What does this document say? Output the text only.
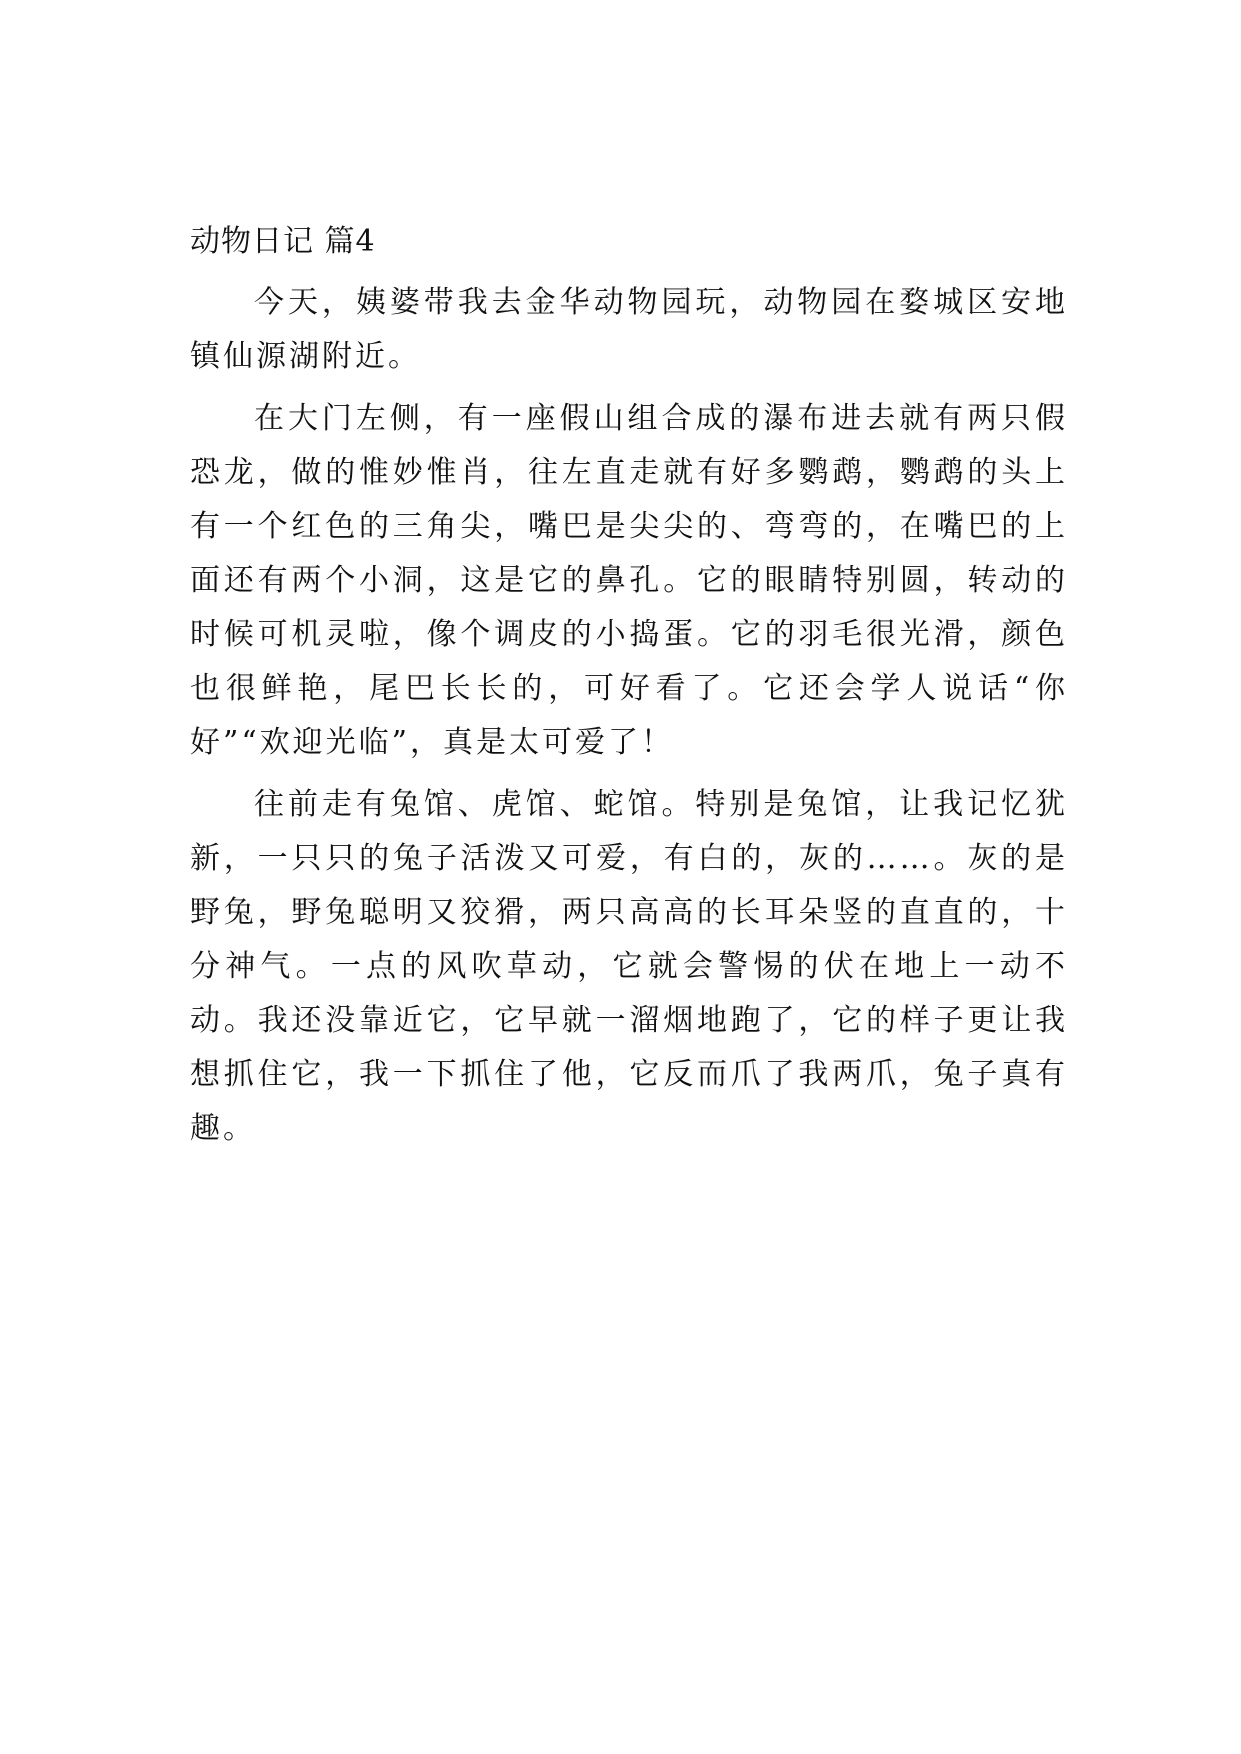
动物日记 篇4

今天，姨婆带我去金华动物园玩，动物园在婺城区安地镇仙源湖附近。

在大门左侧，有一座假山组合成的瀑布进去就有两只假恐龙，做的惟妙惟肖，往左直走就有好多鹦鹉，鹦鹉的头上有一个红色的三角尖，嘴巴是尖尖的、弯弯的，在嘴巴的上面还有两个小洞，这是它的鼻孔。它的眼睛特别圆，转动的时候可机灵啦，像个调皮的小捣蛋。它的羽毛很光滑，颜色也很鲜艳，尾巴长长的，可好看了。它还会学人说话“你好”“欢迎光临”，真是太可爱了！

往前走有兔馆、虎馆、蛇馆。特别是兔馆，让我记忆犹新，一只只的兔子活泼又可爱，有白的，灰的……。灰的是野兔，野兔聪明又狡猾，两只高高的长耳朵竖的直直的，十分神气。一点的风吹草动，它就会警惕的伏在地上一动不动。我还没靠近它，它早就一溜烟地跑了，它的样子更让我想抓住它，我一下抓住了他，它反而爪了我两爪，兔子真有趣。
